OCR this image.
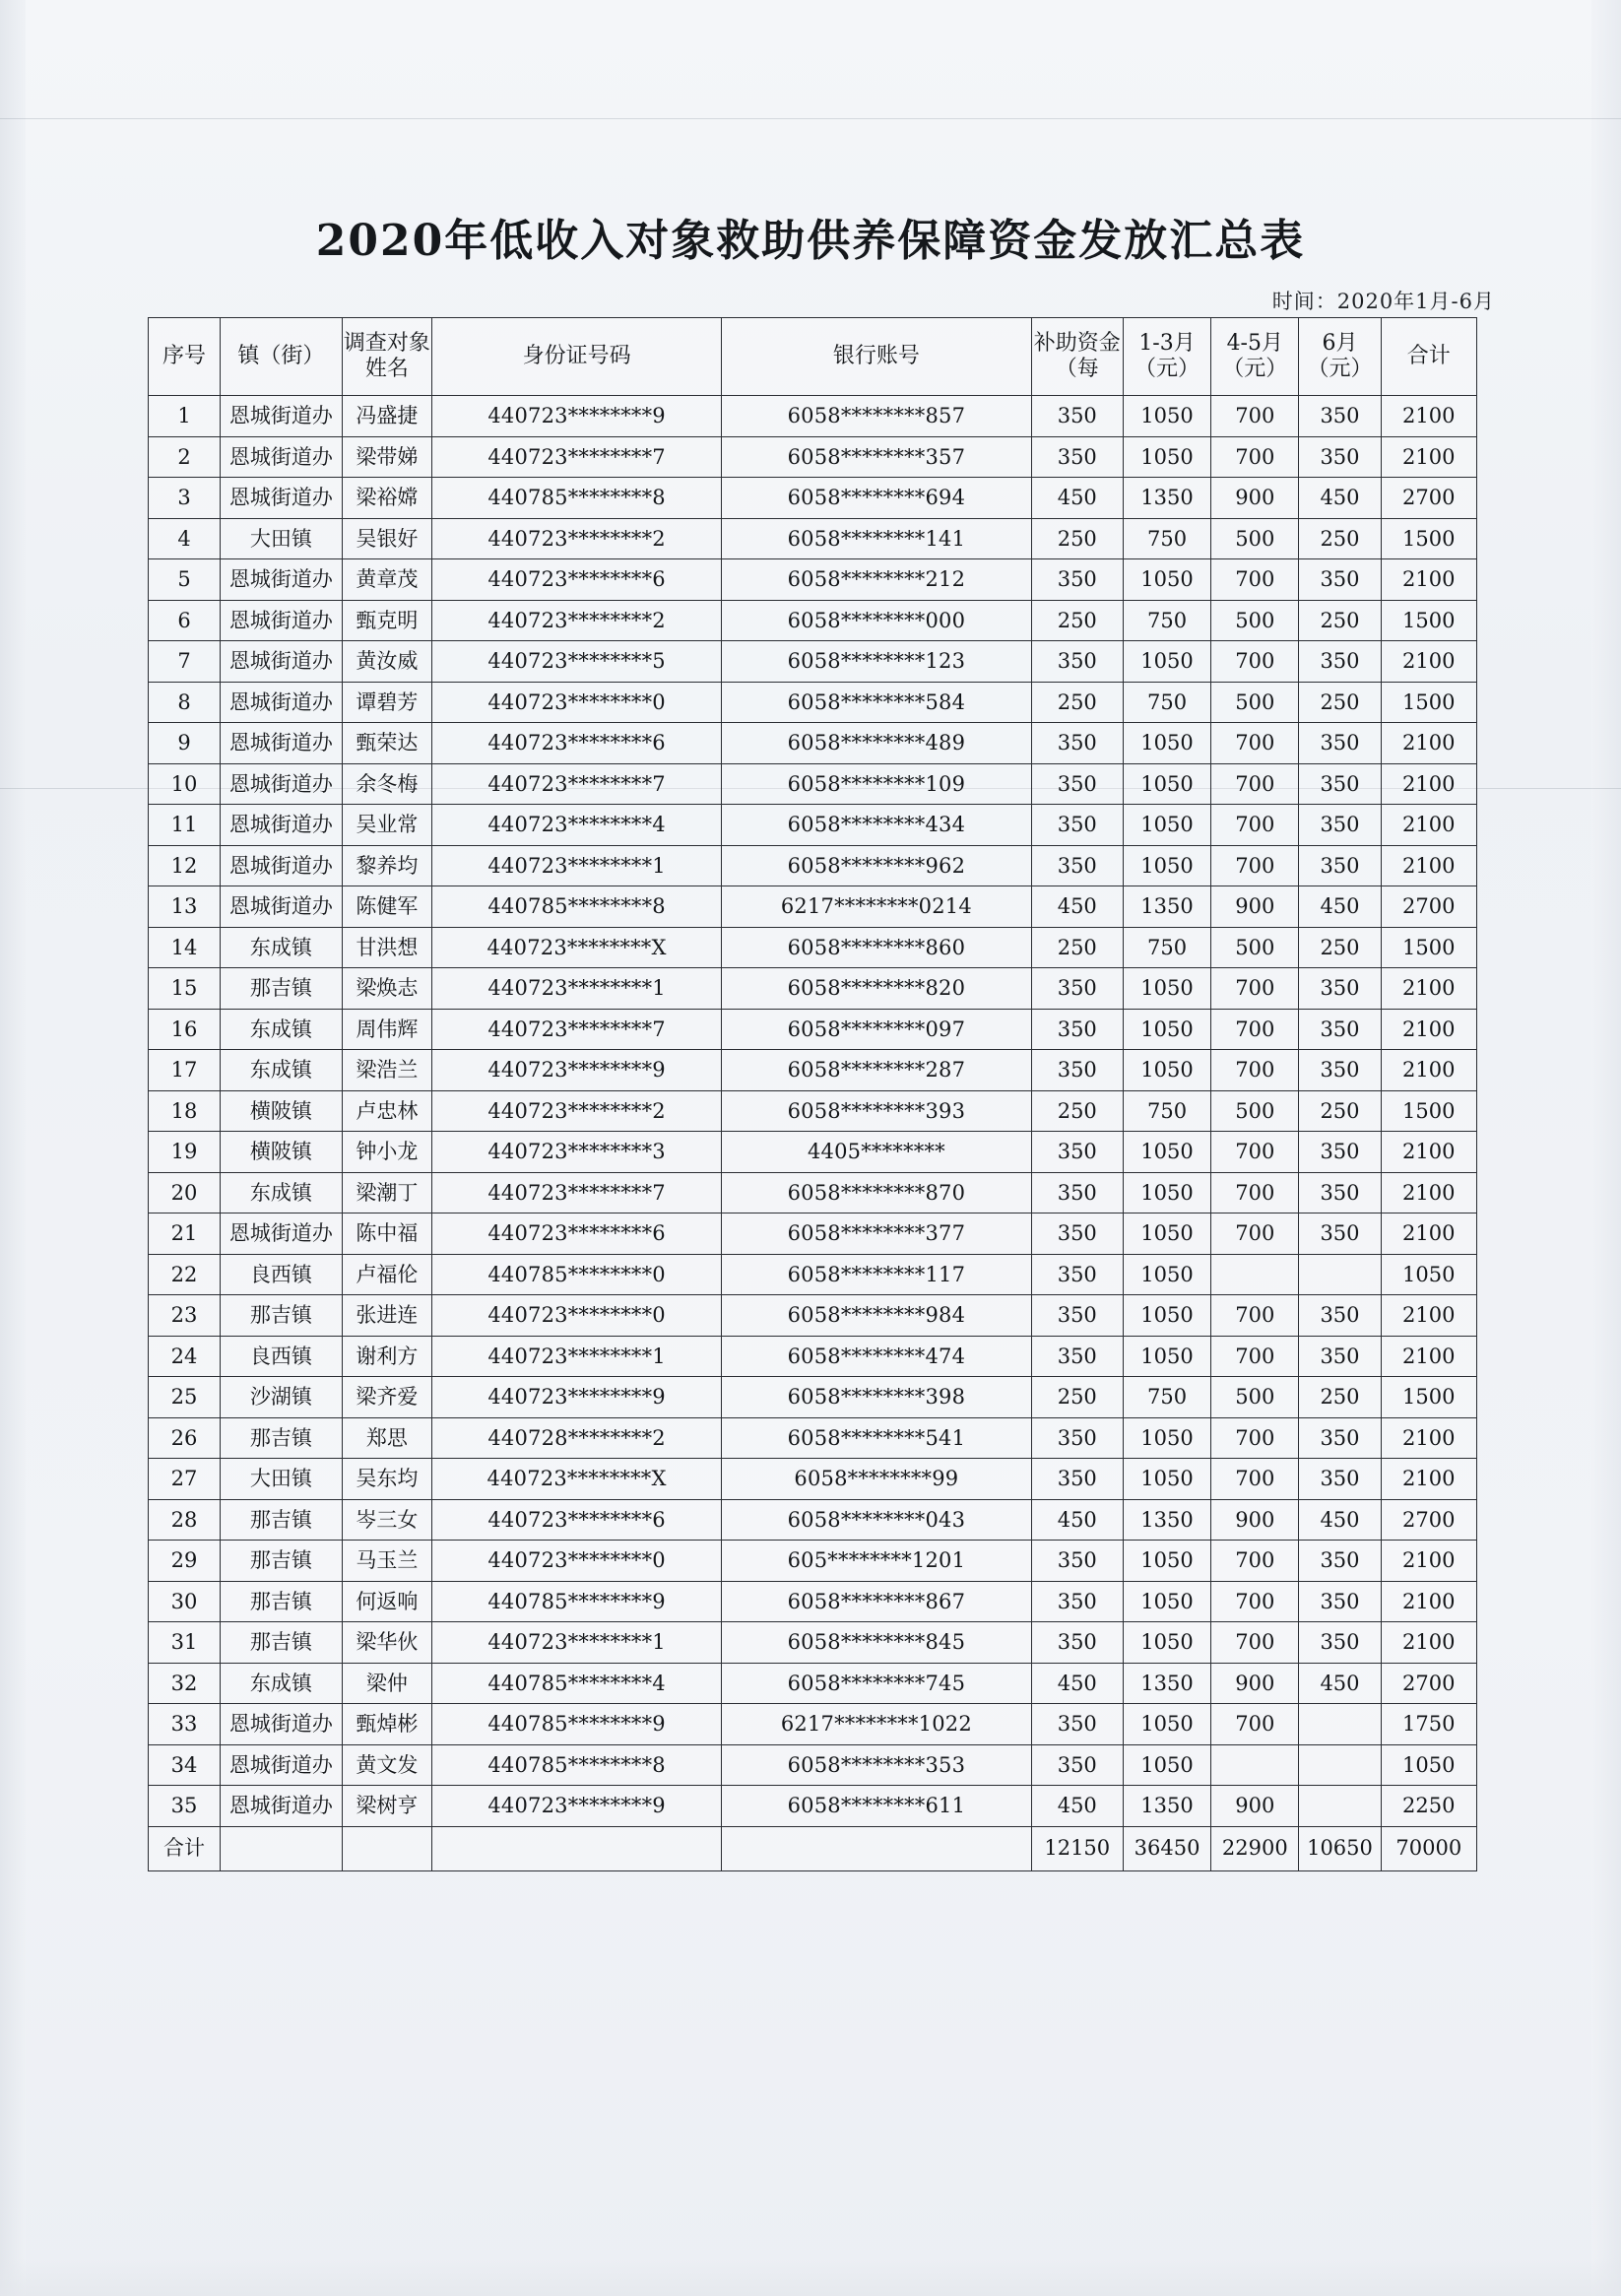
2020年低收入对象救助供养保障资金发放汇总表
时间：2020年1月-6月
序号	镇（街）	调查对象姓名	身份证号码	银行账号	补助资金（每	1-3月（元）	4-5月（元）	6月（元）	合计
1	恩城街道办	冯盛捷	440723********9	6058********857	350	1050	700	350	2100
2	恩城街道办	梁带娣	440723********7	6058********357	350	1050	700	350	2100
3	恩城街道办	梁裕嫦	440785********8	6058********694	450	1350	900	450	2700
4	大田镇	吴银好	440723********2	6058********141	250	750	500	250	1500
5	恩城街道办	黄章茂	440723********6	6058********212	350	1050	700	350	2100
6	恩城街道办	甄克明	440723********2	6058********000	250	750	500	250	1500
7	恩城街道办	黄汝威	440723********5	6058********123	350	1050	700	350	2100
8	恩城街道办	谭碧芳	440723********0	6058********584	250	750	500	250	1500
9	恩城街道办	甄荣达	440723********6	6058********489	350	1050	700	350	2100
10	恩城街道办	余冬梅	440723********7	6058********109	350	1050	700	350	2100
11	恩城街道办	吴业常	440723********4	6058********434	350	1050	700	350	2100
12	恩城街道办	黎养均	440723********1	6058********962	350	1050	700	350	2100
13	恩城街道办	陈健军	440785********8	6217********0214	450	1350	900	450	2700
14	东成镇	甘洪想	440723********X	6058********860	250	750	500	250	1500
15	那吉镇	梁焕志	440723********1	6058********820	350	1050	700	350	2100
16	东成镇	周伟辉	440723********7	6058********097	350	1050	700	350	2100
17	东成镇	梁浩兰	440723********9	6058********287	350	1050	700	350	2100
18	横陂镇	卢忠林	440723********2	6058********393	250	750	500	250	1500
19	横陂镇	钟小龙	440723********3	4405********	350	1050	700	350	2100
20	东成镇	梁潮丁	440723********7	6058********870	350	1050	700	350	2100
21	恩城街道办	陈中福	440723********6	6058********377	350	1050	700	350	2100
22	良西镇	卢福伦	440785********0	6058********117	350	1050			1050
23	那吉镇	张进连	440723********0	6058********984	350	1050	700	350	2100
24	良西镇	谢利方	440723********1	6058********474	350	1050	700	350	2100
25	沙湖镇	梁齐爱	440723********9	6058********398	250	750	500	250	1500
26	那吉镇	郑思	440728********2	6058********541	350	1050	700	350	2100
27	大田镇	吴东均	440723********X	6058********99	350	1050	700	350	2100
28	那吉镇	岑三女	440723********6	6058********043	450	1350	900	450	2700
29	那吉镇	马玉兰	440723********0	605********1201	350	1050	700	350	2100
30	那吉镇	何返响	440785********9	6058********867	350	1050	700	350	2100
31	那吉镇	梁华伙	440723********1	6058********845	350	1050	700	350	2100
32	东成镇	梁仲	440785********4	6058********745	450	1350	900	450	2700
33	恩城街道办	甄焯彬	440785********9	6217********1022	350	1050	700		1750
34	恩城街道办	黄文发	440785********8	6058********353	350	1050			1050
35	恩城街道办	梁树亨	440723********9	6058********611	450	1350	900		2250
合计					12150	36450	22900	10650	70000
